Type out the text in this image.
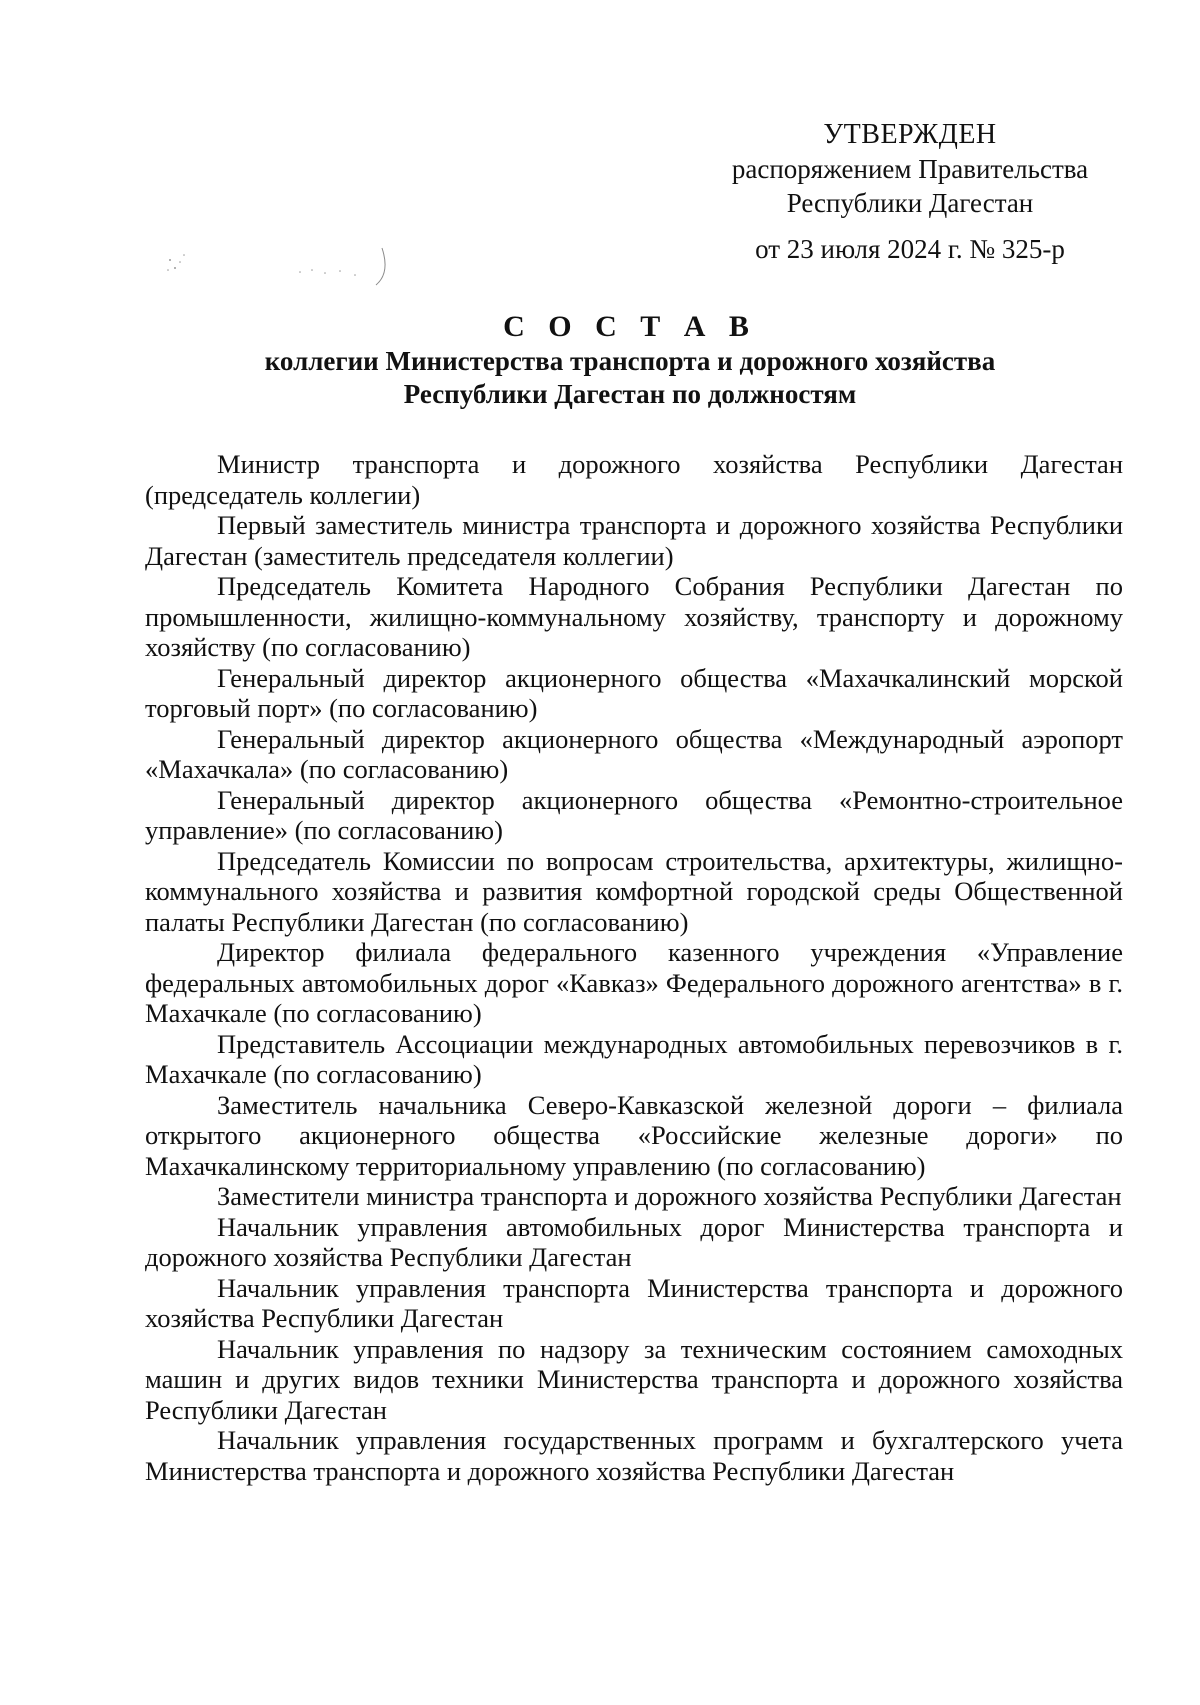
УТВЕРЖДЕН
распоряжением Правительства
Республики Дагестан
от 23 июля 2024 г. № 325-р
С О С Т А В
коллегии Министерства транспорта и дорожного хозяйства
Республики Дагестан по должностям
Министр транспорта и дорожного хозяйства Республики Дагестан (председатель коллегии)
Первый заместитель министра транспорта и дорожного хозяйства Республики Дагестан (заместитель председателя коллегии)
Председатель Комитета Народного Собрания Республики Дагестан по промышленности, жилищно-коммунальному хозяйству, транспорту и дорожному хозяйству (по согласованию)
Генеральный директор акционерного общества «Махачкалинский морской торговый порт» (по согласованию)
Генеральный директор акционерного общества «Международный аэропорт «Махачкала» (по согласованию)
Генеральный директор акционерного общества «Ремонтно-строительное управление» (по согласованию)
Председатель Комиссии по вопросам строительства, архитектуры, жилищно-коммунального хозяйства и развития комфортной городской среды Общественной палаты Республики Дагестан (по согласованию)
Директор филиала федерального казенного учреждения «Управление федеральных автомобильных дорог «Кавказ» Федерального дорожного агентства» в г. Махачкале (по согласованию)
Представитель Ассоциации международных автомобильных перевозчиков в г. Махачкале (по согласованию)
Заместитель начальника Северо-Кавказской железной дороги – филиала открытого акционерного общества «Российские железные дороги» по Махачкалинскому территориальному управлению (по согласованию)
Заместители министра транспорта и дорожного хозяйства Республики Дагестан
Начальник управления автомобильных дорог Министерства транспорта и дорожного хозяйства Республики Дагестан
Начальник управления транспорта Министерства транспорта и дорожного хозяйства Республики Дагестан
Начальник управления по надзору за техническим состоянием самоходных машин и других видов техники Министерства транспорта и дорожного хозяйства Республики Дагестан
Начальник управления государственных программ и бухгалтерского учета Министерства транспорта и дорожного хозяйства Республики Дагестан
